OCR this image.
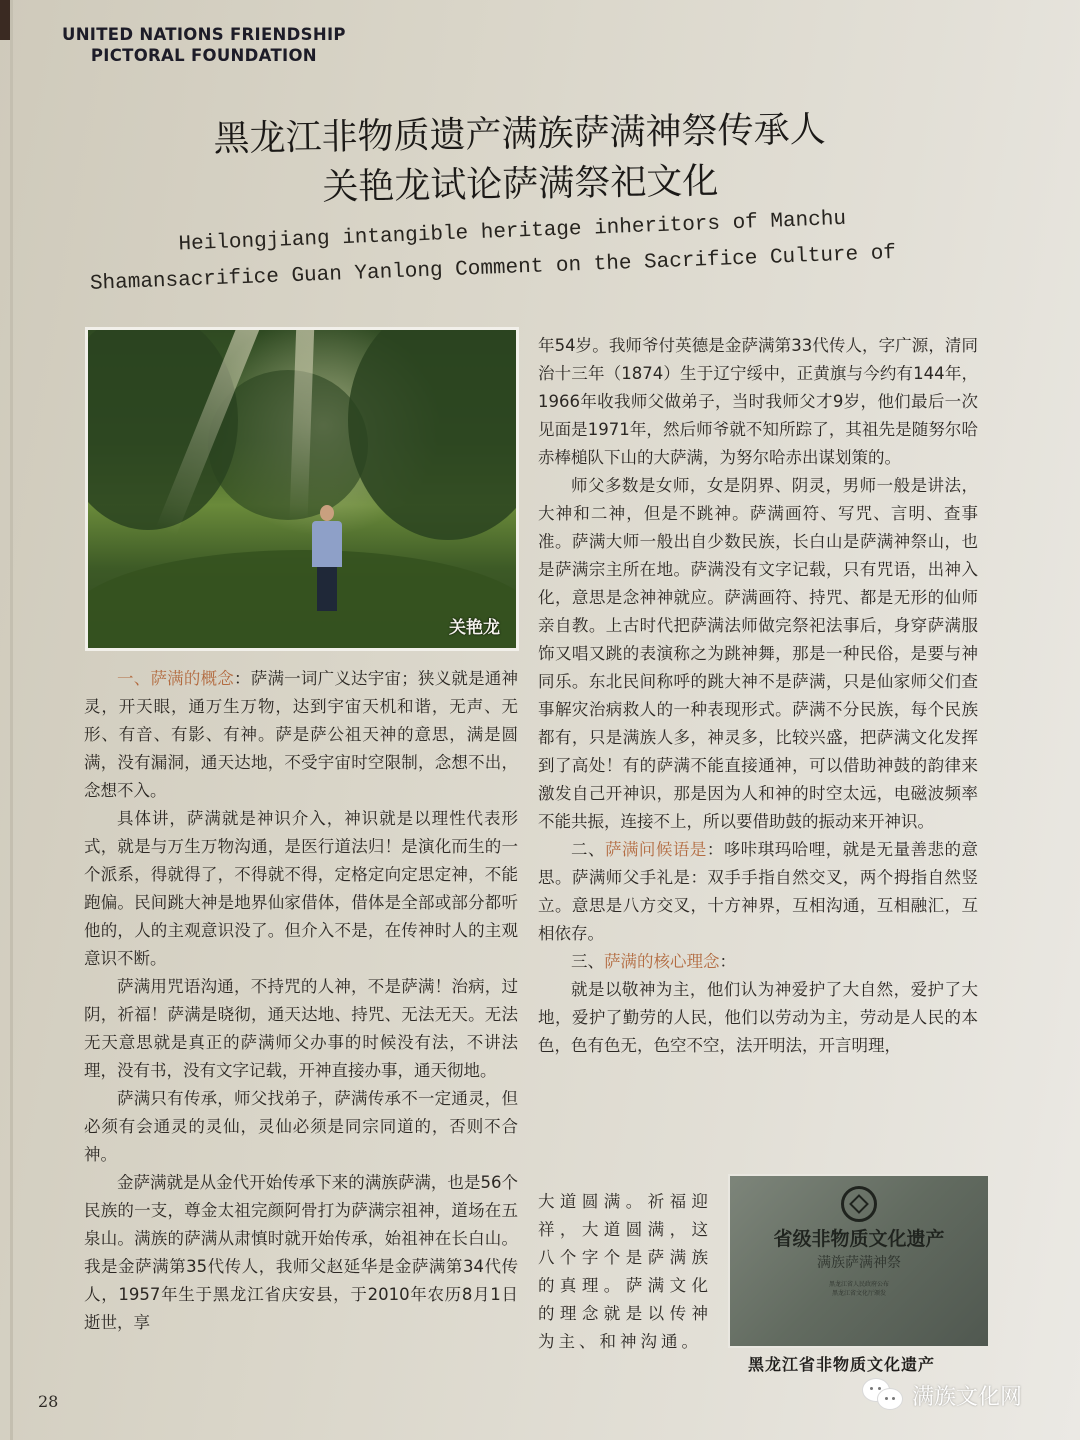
UNITED NATIONS FRIENDSHIP
PICTORAL FOUNDATION
黑龙江非物质遗产满族萨满神祭传承人
关艳龙试论萨满祭祀文化
Heilongjiang intangible heritage inheritors of Manchu
Shamansacrifice Guan Yanlong Comment on the Sacrifice Culture of
关艳龙

一、萨满的概念：萨满一词广义达宇宙；狭义就是通神灵，开天眼，通万生万物，达到宇宙天机和谐，无声、无形、有音、有影、有神。萨是萨公祖天神的意思，满是圆满，没有漏洞，通天达地，不受宇宙时空限制，念想不出，念想不入。

具体讲，萨满就是神识介入，神识就是以理性代表形式，就是与万生万物沟通，是医行道法归！是演化而生的一个派系，得就得了，不得就不得，定格定向定思定神，不能跑偏。民间跳大神是地界仙家借体，借体是全部或部分都听他的，人的主观意识没了。但介入不是，在传神时人的主观意识不断。

萨满用咒语沟通，不持咒的人神，不是萨满！治病，过阴，祈福！萨满是晓彻，通天达地、持咒、无法无天。无法无天意思就是真正的萨满师父办事的时候没有法，不讲法理，没有书，没有文字记载，开神直接办事，通天彻地。

萨满只有传承，师父找弟子，萨满传承不一定通灵，但必须有会通灵的灵仙，灵仙必须是同宗同道的，否则不合神。

金萨满就是从金代开始传承下来的满族萨满，也是56个民族的一支，尊金太祖完颜阿骨打为萨满宗祖神，道场在五泉山。满族的萨满从肃慎时就开始传承，始祖神在长白山。我是金萨满第35代传人，我师父赵延华是金萨满第34代传人，1957年生于黑龙江省庆安县，于2010年农历8月1日逝世，享

年54岁。我师爷付英德是金萨满第33代传人，字广源，清同治十三年（1874）生于辽宁绥中，正黄旗与今约有144年，1966年收我师父做弟子，当时我师父才9岁，他们最后一次见面是1971年，然后师爷就不知所踪了，其祖先是随努尔哈赤棒槌队下山的大萨满，为努尔哈赤出谋划策的。

师父多数是女师，女是阴界、阴灵，男师一般是讲法，大神和二神，但是不跳神。萨满画符、写咒、言明、查事准。萨满大师一般出自少数民族，长白山是萨满神祭山，也是萨满宗主所在地。萨满没有文字记载，只有咒语，出神入化，意思是念神神就应。萨满画符、持咒、都是无形的仙师亲自教。上古时代把萨满法师做完祭祀法事后，身穿萨满服饰又唱又跳的表演称之为跳神舞，那是一种民俗，是要与神同乐。东北民间称呼的跳大神不是萨满，只是仙家师父们查事解灾治病救人的一种表现形式。萨满不分民族，每个民族都有，只是满族人多，神灵多，比较兴盛，把萨满文化发挥到了高处！有的萨满不能直接通神，可以借助神鼓的韵律来激发自己开神识，那是因为人和神的时空太远，电磁波频率不能共振，连接不上，所以要借助鼓的振动来开神识。

二、萨满问候语是：哆咔琪玛哈哩，就是无量善悲的意思。萨满师父手礼是：双手手指自然交叉，两个拇指自然竖立。意思是八方交叉，十方神界，互相沟通，互相融汇，互相依存。

三、萨满的核心理念：

就是以敬神为主，他们认为神爱护了大自然，爱护了大地，爱护了勤劳的人民，他们以劳动为主，劳动是人民的本色，色有色无，色空不空，法开明法，开言明理，

大道圆满。祈福迎祥，大道圆满，这八个字个是萨满族的真理。萨满文化的理念就是以传神为主、和神沟通。

省级非物质文化遗产
满族萨满神祭
黑龙江省人民政府公布
黑龙江省文化厅颁发
黑龙江省非物质文化遗产
28	满族文化网
